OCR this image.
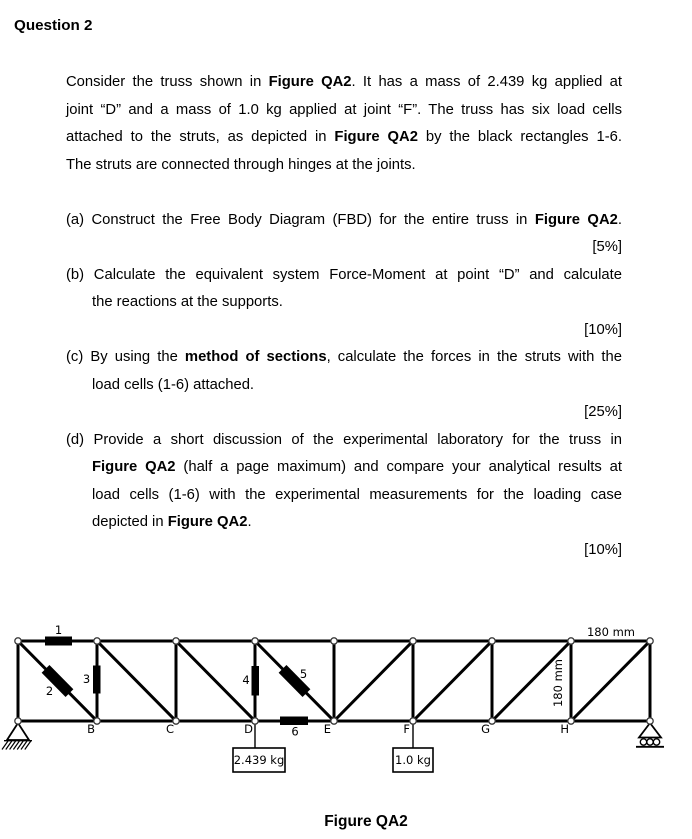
Question 2
Consider the truss shown in Figure QA2. It has a mass of 2.439 kg applied at
joint “D” and a mass of 1.0 kg applied at joint “F”. The truss has six load cells
attached to the struts, as depicted in Figure QA2 by the black rectangles 1-6.
The struts are connected through hinges at the joints.
(a) Construct the Free Body Diagram (FBD) for the entire truss in Figure QA2.
[5%]
(b) Calculate the equivalent system Force-Moment at point “D” and calculate
the reactions at the supports.
[10%]
(c) By using the method of sections, calculate the forces in the struts with the
load cells (1-6) attached.
[25%]
(d) Provide a short discussion of the experimental laboratory for the truss in
Figure QA2 (half a page maximum) and compare your analytical results at
load cells (1-6) with the experimental measurements for the loading case
depicted in Figure QA2.
[10%]
2.439 kg	1.0 kg
1
2
3	4	5
6
B	C	D	E	F	G	H
180 mm
180 mm
Figure QA2
